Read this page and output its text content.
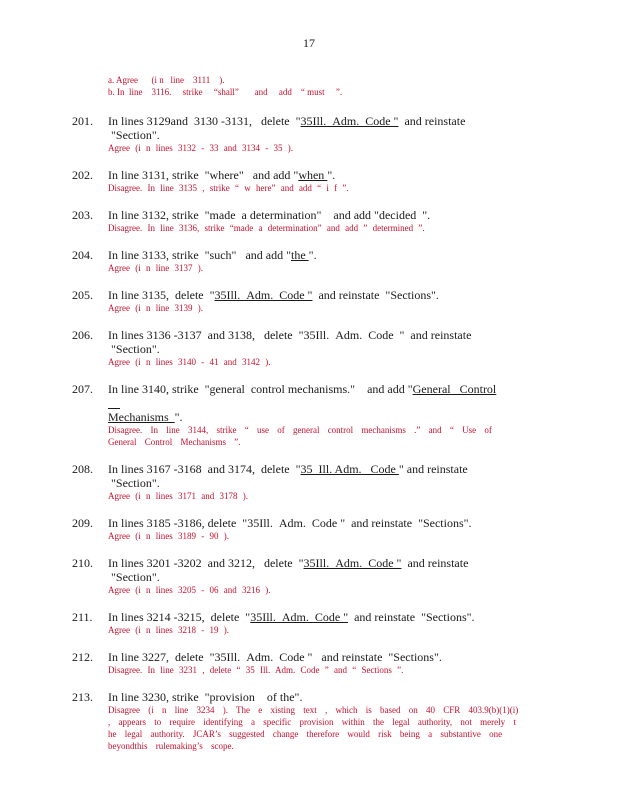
17
a. Agree      (i n   line    3111    ).
b. In  line    3116.     strike     “shall”       and     add    “ must     ”.
201. In lines 3129and  3130 -3131,   delete  "35Ill.  Adm.  Code "  and reinstate  "Section".
Agree (i n lines 3132 - 33 and 3134 - 35 ).
202. In line 3131, strike  "where"   and add "when ".
Disagree. In line 3135 , strike “ w here” and add “ i f ”.
203. In line 3132, strike  "made  a determination"    and add "decided  ".
Disagree. In line 3136, strike “made a determination” and add ” determined ”.
204. In line 3133, strike  "such"   and add "the ".
Agree (i n line 3137 ).
205. In line 3135,  delete  "35Ill.  Adm.  Code "  and reinstate  "Sections".
Agree (i n line 3139 ).
206. In lines 3136 -3137  and 3138,   delete  "35Ill.  Adm.  Code  "  and reinstate  "Section".
Agree (i n lines 3140 - 41 and 3142 ).
207. In line 3140, strike  "general  control mechanisms."    and add "General   Control
Mechanisms  ".
Disagree. In line 3144, strike “ use of general control mechanisms .” and “ Use of General Control Mechanisms ”.
208. In lines 3167 -3168  and 3174,  delete  "35  Ill. Adm.   Code " and reinstate  "Section".
Agree (i n lines 3171 and 3178 ).
209. In lines 3185 -3186, delete  "35Ill.  Adm.  Code "  and reinstate  "Sections".
Agree (i n lines 3189 - 90 ).
210. In lines 3201 -3202  and 3212,   delete  "35Ill.  Adm.  Code "  and reinstate  "Section".
Agree (i n lines 3205 - 06 and 3216 ).
211. In lines 3214 -3215,  delete  "35Ill.  Adm.  Code "  and reinstate  "Sections".
Agree (i n lines 3218 - 19 ).
212. In line 3227,  delete  "35Ill.  Adm.  Code "   and reinstate  "Sections".
Disagree. In line 3231 , delete “ 35 Ill. Adm. Code ” and “ Sections ”.
213. In line 3230, strike  "provision    of the".
Disagree (i n line 3234 ). The e xisting text , which is based on 40 CFR 403.9(b)(1)(i) , appears to require identifying a specific provision within the legal authority, not merely t he legal authority. JCAR’s suggested change therefore would risk being a substantive one beyondthis rulemaking’s scope.
